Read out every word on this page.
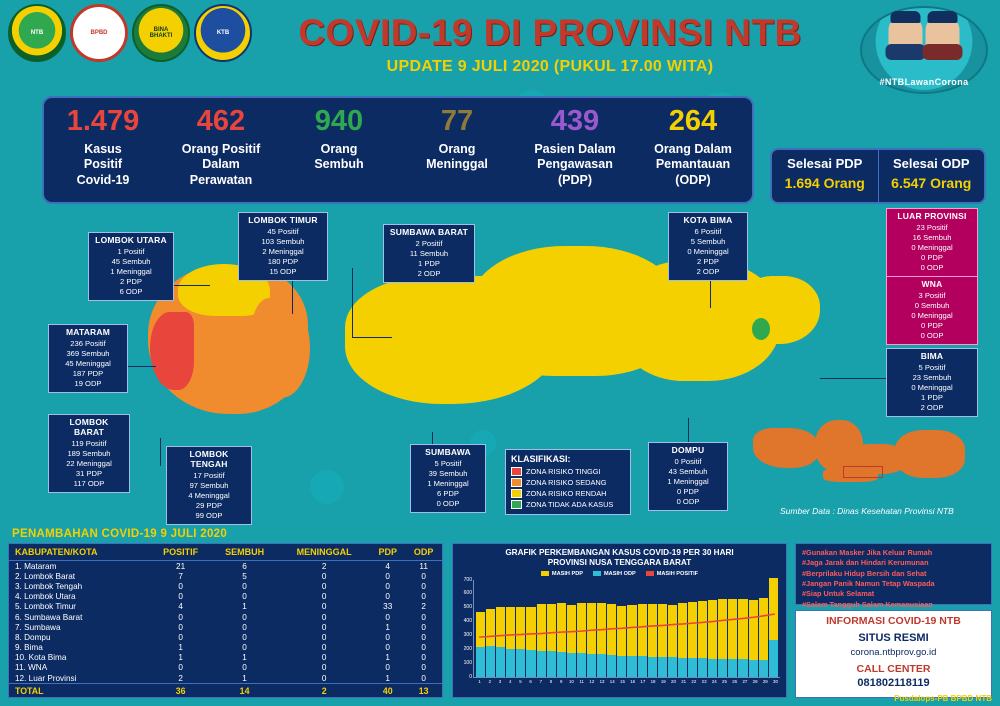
NTB	BPBD
BINA
BHAKTI
KTB	COVID-19 DI PROVINSI NTB
UPDATE 9 JULI 2020 (PUKUL 17.00 WITA)
#NTBLawanCorona
1.479
Kasus
Positif
Covid-19
462
Orang Positif
Dalam
Perawatan
940
Orang
Sembuh
77
Orang
Meninggal
439
Pasien Dalam
Pengawasan
(PDP)
264
Orang Dalam
Pemantauan
(ODP)
Selesai PDP
1.694 Orang
Selesai ODP
6.547 Orang
Sumber Data : Dinas Kesehatan Provinsi NTB
KLASIFIKASI:
ZONA RISIKO TINGGI
ZONA RISIKO SEDANG
ZONA RISIKO RENDAH
ZONA TIDAK ADA KASUS
LOMBOK UTARA
1 Positif
45 Sembuh
1 Meninggal
2 PDP
6 ODP
LOMBOK TIMUR
45 Positif
103 Sembuh
2 Meninggal
180 PDP
15 ODP
SUMBAWA BARAT
2 Positif
11 Sembuh
1 PDP
2 ODP
KOTA BIMA
6 Positif
5 Sembuh
0 Meninggal
2 PDP
2 ODP
LUAR PROVINSI
23 Positif
16 Sembuh
0 Meninggal
0 PDP
0 ODP
WNA
3 Positif
0 Sembuh
0 Meninggal
0 PDP
0 ODP
BIMA
5 Positif
23 Sembuh
0 Meninggal
1 PDP
2 ODP
MATARAM
236 Positif
369 Sembuh
45 Meninggal
187 PDP
19 ODP
LOMBOK BARAT
119 Positif
189 Sembuh
22 Meninggal
31 PDP
117 ODP
LOMBOK TENGAH
17 Positif
97 Sembuh
4 Meninggal
29 PDP
99 ODP
SUMBAWA
5 Positif
39 Sembuh
1 Meninggal
6 PDP
0 ODP
DOMPU
0 Positif
43 Sembuh
1 Meninggal
0 PDP
0 ODP
PENAMBAHAN COVID-19 9 JULI 2020
KABUPATEN/KOTA	POSITIF	SEMBUH	MENINGGAL	PDP	ODP
1. Mataram	21	6	2	4	11
2. Lombok Barat	7	5	0	0	0
3. Lombok Tengah	0	0	0	0	0
4. Lombok Utara	0	0	0	0	0
5. Lombok Timur	4	1	0	33	2
6. Sumbawa Barat	0	0	0	0	0
7. Sumbawa	0	0	0	1	0
8. Dompu	0	0	0	0	0
9. Bima	1	0	0	0	0
10. Kota Bima	1	1	0	1	0
11. WNA	0	0	0	0	0
12. Luar Provinsi	2	1	0	1	0
TOTAL	36	14	2	40	13
GRAFIK PERKEMBANGAN KASUS COVID-19 PER 30 HARI
PROVINSI NUSA TENGGARA BARAT
MASIH PDP	MASIH ODP	MASIH POSITIF
0
100
200
300
400
500
600
700
1	2	3	4	5	6	7	8	9	10	11	12	13	14	15	16	17	18	19	20	21	22	23	24	25	26	27	28	29	30
#Gunakan Masker Jika Keluar Rumah
#Jaga Jarak dan Hindari Kerumunan
#Berprilaku Hidup Bersih dan Sehat
#Jangan Panik Namun Tetap Waspada
#Siap Untuk Selamat
#Salam Tangguh Salam Kemanusiaan
INFORMASI COVID-19 NTB
SITUS RESMI
corona.ntbprov.go.id
CALL CENTER
081802118119
Pusdalops-PB BPBD NTB
